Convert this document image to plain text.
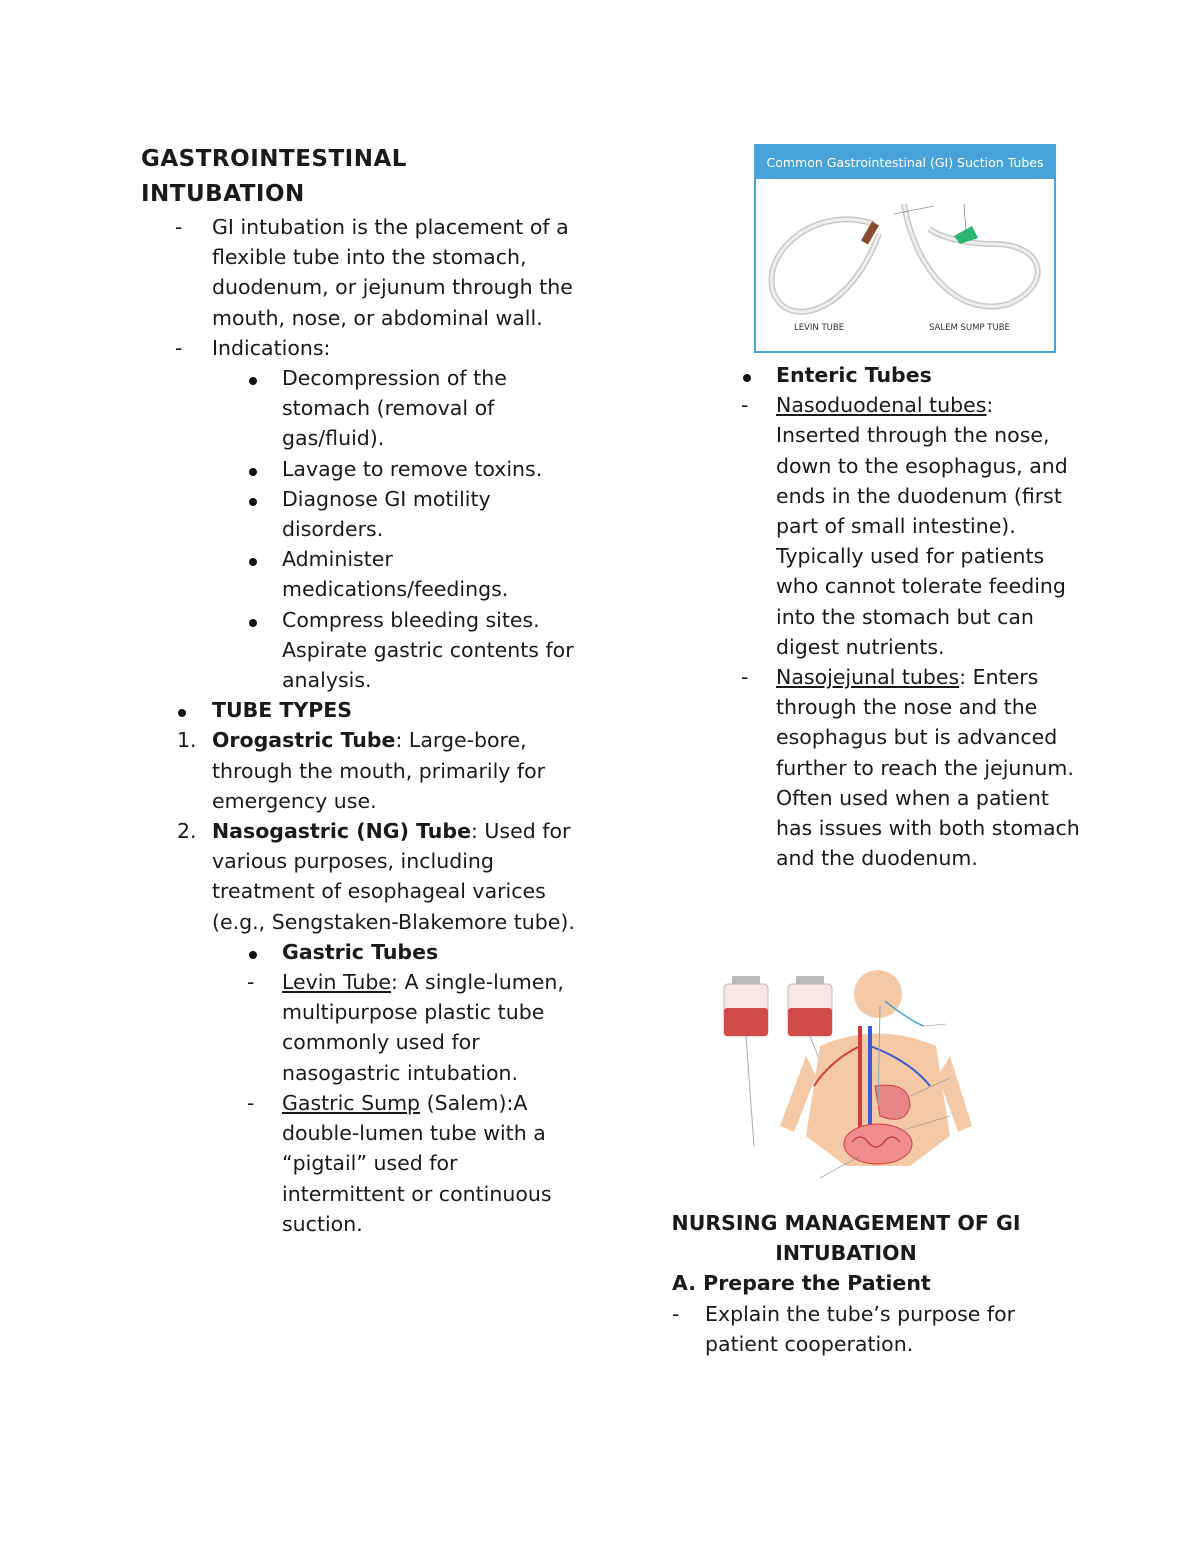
GASTROINTESTINAL
INTUBATION

-	GI intubation is the placement of a flexible tube into the stomach, duodenum, or jejunum through the mouth, nose, or abdominal wall.
-	Indications:
Decompression of the stomach (removal of gas/fluid).
Lavage to remove toxins.
Diagnose GI motility disorders.
Administer medications/feedings.
Compress bleeding sites. Aspirate gastric contents for analysis.
TUBE TYPES
1. Orogastric Tube: Large-bore, through the mouth, primarily for emergency use.
2. Nasogastric (NG) Tube: Used for various purposes, including treatment of esophageal varices (e.g., Sengstaken-Blakemore tube).
Gastric Tubes
-	Levin Tube: A single-lumen, multipurpose plastic tube commonly used for nasogastric intubation.
-	Gastric Sump (Salem):A double-lumen tube with a “pigtail” used for intermittent or continuous suction.
Common Gastrointestinal (GI) Suction Tubes
LEVIN TUBE	SALEM SUMP TUBE
Enteric Tubes
-	Nasoduodenal tubes: Inserted through the nose, down to the esophagus, and ends in the duodenum (first part of small intestine). Typically used for patients who cannot tolerate feeding into the stomach but can digest nutrients.
-	Nasojejunal tubes: Enters through the nose and the esophagus but is advanced further to reach the jejunum. Often used when a patient has issues with both stomach and the duodenum.
NURSING MANAGEMENT OF GI
INTUBATION
A. Prepare the Patient
-	Explain the tube’s purpose for patient cooperation.
